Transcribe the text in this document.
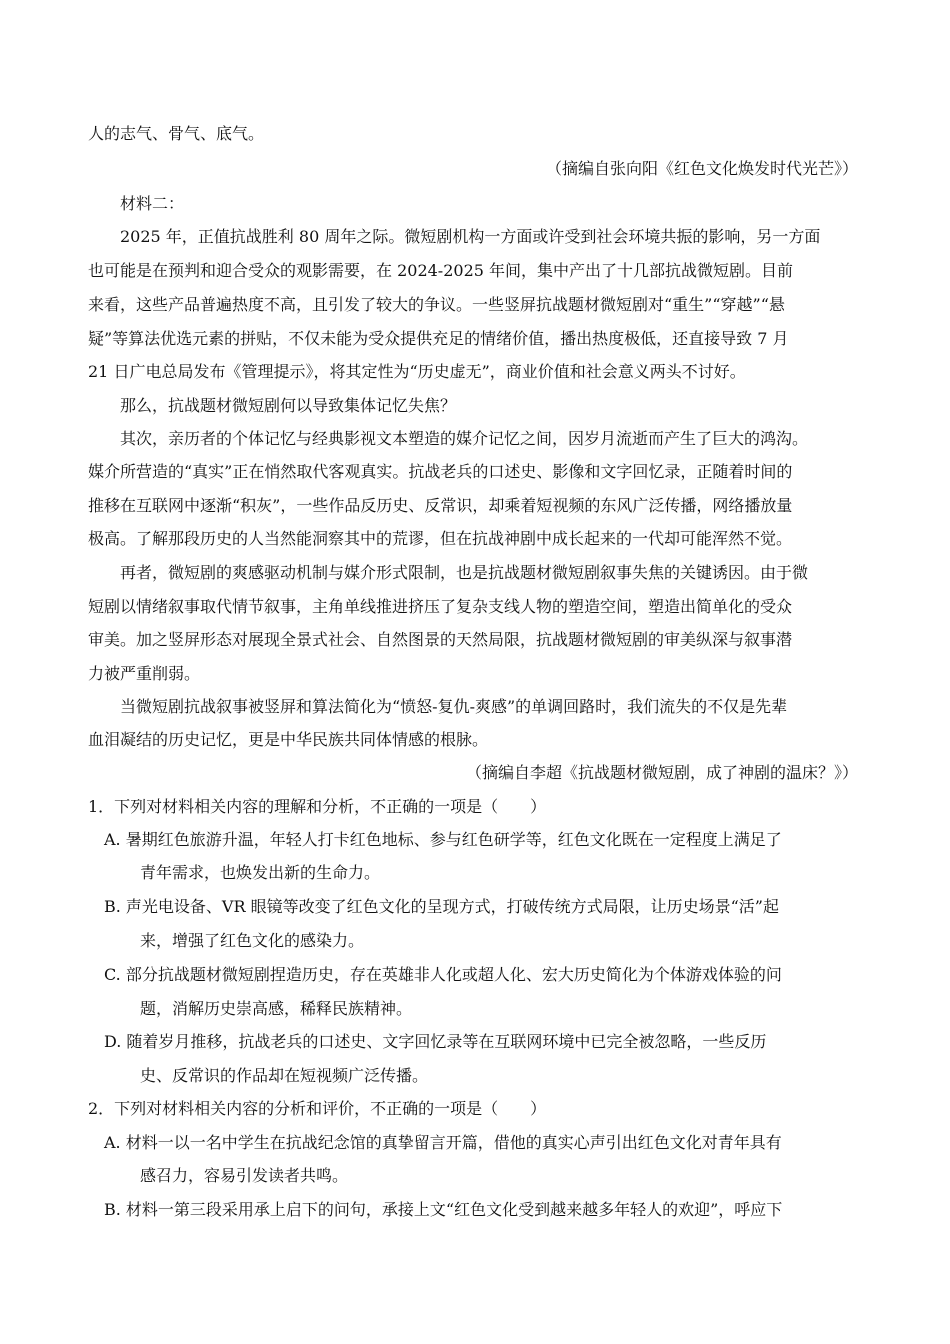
人的志气、骨气、底气。
（摘编自张向阳《红色文化焕发时代光芒》）
材料二：
2025 年，正值抗战胜利 80 周年之际。微短剧机构一方面或许受到社会环境共振的影响，另一方面
也可能是在预判和迎合受众的观影需要，在 2024-2025 年间，集中产出了十几部抗战微短剧。目前
来看，这些产品普遍热度不高，且引发了较大的争议。一些竖屏抗战题材微短剧对“重生”“穿越”“悬
疑”等算法优选元素的拼贴，不仅未能为受众提供充足的情绪价值，播出热度极低，还直接导致 7 月
21 日广电总局发布《管理提示》，将其定性为“历史虚无”，商业价值和社会意义两头不讨好。
那么，抗战题材微短剧何以导致集体记忆失焦？
其次，亲历者的个体记忆与经典影视文本塑造的媒介记忆之间，因岁月流逝而产生了巨大的鸿沟。
媒介所营造的“真实”正在悄然取代客观真实。抗战老兵的口述史、影像和文字回忆录，正随着时间的
推移在互联网中逐渐“积灰”，一些作品反历史、反常识，却乘着短视频的东风广泛传播，网络播放量
极高。了解那段历史的人当然能洞察其中的荒谬，但在抗战神剧中成长起来的一代却可能浑然不觉。
再者，微短剧的爽感驱动机制与媒介形式限制，也是抗战题材微短剧叙事失焦的关键诱因。由于微
短剧以情绪叙事取代情节叙事，主角单线推进挤压了复杂支线人物的塑造空间，塑造出简单化的受众
审美。加之竖屏形态对展现全景式社会、自然图景的天然局限，抗战题材微短剧的审美纵深与叙事潜
力被严重削弱。
当微短剧抗战叙事被竖屏和算法简化为“愤怒-复仇-爽感”的单调回路时，我们流失的不仅是先辈
血泪凝结的历史记忆，更是中华民族共同体情感的根脉。
（摘编自李超《抗战题材微短剧，成了神剧的温床？》）
1．下列对材料相关内容的理解和分析，不正确的一项是（　　）
A. 暑期红色旅游升温，年轻人打卡红色地标、参与红色研学等，红色文化既在一定程度上满足了
青年需求，也焕发出新的生命力。
B. 声光电设备、VR 眼镜等改变了红色文化的呈现方式，打破传统方式局限，让历史场景“活”起
来，增强了红色文化的感染力。
C. 部分抗战题材微短剧捏造历史，存在英雄非人化或超人化、宏大历史简化为个体游戏体验的问
题，消解历史崇高感，稀释民族精神。
D. 随着岁月推移，抗战老兵的口述史、文字回忆录等在互联网环境中已完全被忽略，一些反历
史、反常识的作品却在短视频广泛传播。
2．下列对材料相关内容的分析和评价，不正确的一项是（　　）
A. 材料一以一名中学生在抗战纪念馆的真挚留言开篇，借他的真实心声引出红色文化对青年具有
感召力，容易引发读者共鸣。
B. 材料一第三段采用承上启下的问句，承接上文“红色文化受到越来越多年轻人的欢迎”，呼应下
